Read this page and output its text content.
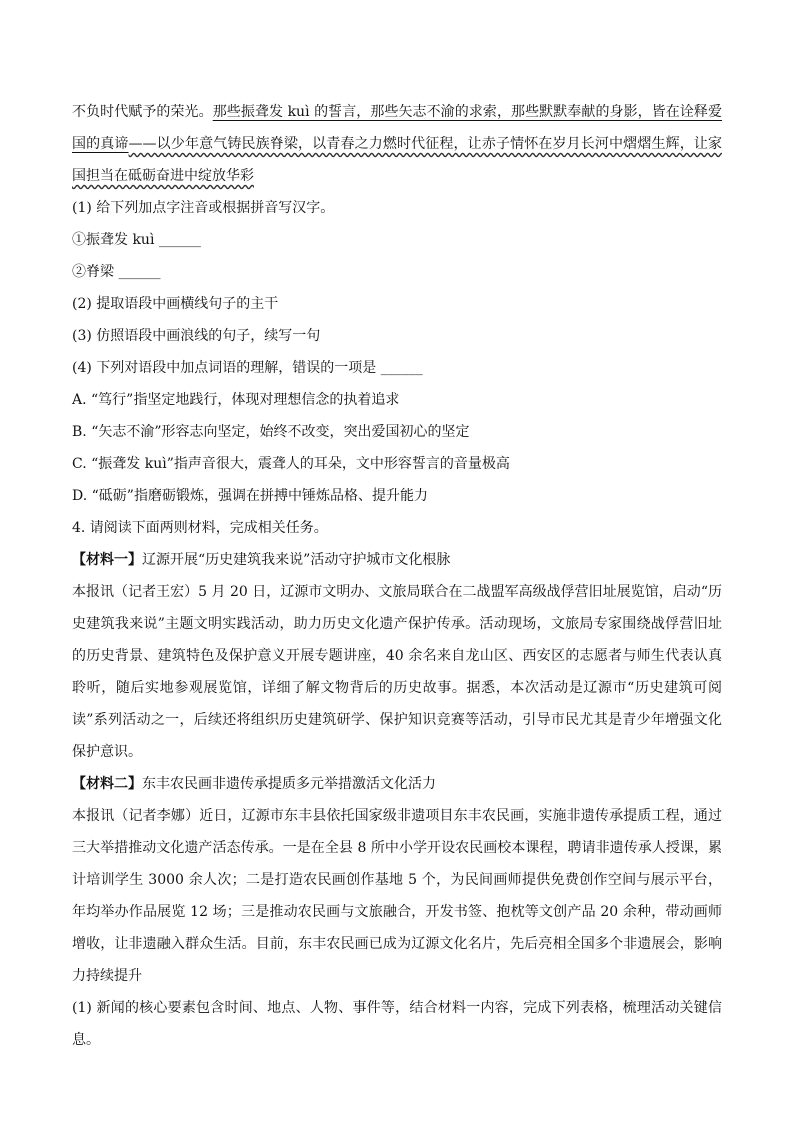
不负时代赋予的荣光。那些振聋发 kuì 的誓言，那些矢志不渝的求索，那些默默奉献的身影，皆在诠释爱国的真谛——以少年意气铸民族脊梁，以青春之力燃时代征程，让赤子情怀在岁月长河中熠熠生辉，让家国担当在砥砺奋进中绽放华彩

(1) 给下列加点字注音或根据拼音写汉字。

①振聋发 kuì ______

②脊梁 ______

(2) 提取语段中画横线句子的主干

(3) 仿照语段中画浪线的句子，续写一句

(4) 下列对语段中加点词语的理解，错误的一项是 ______

A. “笃行”指坚定地践行，体现对理想信念的执着追求

B. “矢志不渝”形容志向坚定，始终不改变，突出爱国初心的坚定

C. “振聋发 kuì”指声音很大，震聋人的耳朵，文中形容誓言的音量极高

D. “砥砺”指磨砺锻炼，强调在拼搏中锤炼品格、提升能力

4. 请阅读下面两则材料，完成相关任务。

【材料一】辽源开展“历史建筑我来说”活动守护城市文化根脉

本报讯（记者王宏）5 月 20 日，辽源市文明办、文旅局联合在二战盟军高级战俘营旧址展览馆，启动“历史建筑我来说”主题文明实践活动，助力历史文化遗产保护传承。活动现场，文旅局专家围绕战俘营旧址的历史背景、建筑特色及保护意义开展专题讲座，40 余名来自龙山区、西安区的志愿者与师生代表认真聆听，随后实地参观展览馆，详细了解文物背后的历史故事。据悉，本次活动是辽源市“历史建筑可阅读”系列活动之一，后续还将组织历史建筑研学、保护知识竞赛等活动，引导市民尤其是青少年增强文化保护意识。

【材料二】东丰农民画非遗传承提质多元举措激活文化活力

本报讯（记者李娜）近日，辽源市东丰县依托国家级非遗项目东丰农民画，实施非遗传承提质工程，通过三大举措推动文化遗产活态传承。一是在全县 8 所中小学开设农民画校本课程，聘请非遗传承人授课，累计培训学生 3000 余人次；二是打造农民画创作基地 5 个，为民间画师提供免费创作空间与展示平台，年均举办作品展览 12 场；三是推动农民画与文旅融合，开发书签、抱枕等文创产品 20 余种，带动画师增收，让非遗融入群众生活。目前，东丰农民画已成为辽源文化名片，先后亮相全国多个非遗展会，影响力持续提升

(1) 新闻的核心要素包含时间、地点、人物、事件等，结合材料一内容，完成下列表格，梳理活动关键信息。
